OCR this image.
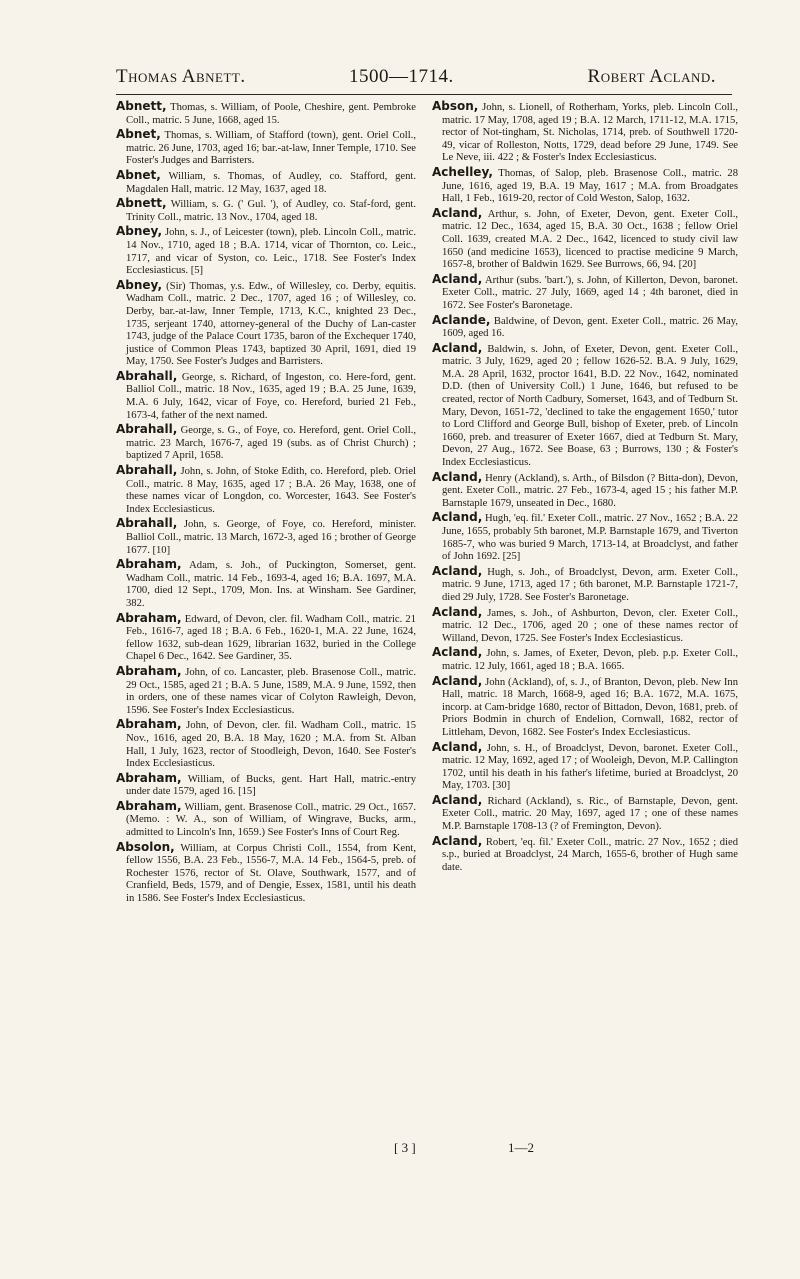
Thomas Abnett.	1500—1714.	Robert Acland.

Abnett, Thomas, s. William, of Poole, Cheshire, gent. Pembroke Coll., matric. 5 June, 1668, aged 15.

Abnet, Thomas, s. William, of Stafford (town), gent. Oriel Coll., matric. 26 June, 1703, aged 16; bar.-at-law, Inner Temple, 1710. See Foster's Judges and Barristers.

Abnet, William, s. Thomas, of Audley, co. Stafford, gent. Magdalen Hall, matric. 12 May, 1637, aged 18.

Abnett, William, s. G. (' Gul. '), of Audley, co. Staf-ford, gent. Trinity Coll., matric. 13 Nov., 1704, aged 18.

Abney, John, s. J., of Leicester (town), pleb. Lincoln Coll., matric. 14 Nov., 1710, aged 18 ; B.A. 1714, vicar of Thornton, co. Leic., 1717, and vicar of Syston, co. Leic., 1718. See Foster's Index Ecclesiasticus. [5]

Abney, (Sir) Thomas, y.s. Edw., of Willesley, co. Derby, equitis. Wadham Coll., matric. 2 Dec., 1707, aged 16 ; of Willesley, co. Derby, bar.-at-law, Inner Temple, 1713, K.C., knighted 23 Dec., 1735, serjeant 1740, attorney-general of the Duchy of Lan-caster 1743, judge of the Palace Court 1735, baron of the Exchequer 1740, justice of Common Pleas 1743, baptized 30 April, 1691, died 19 May, 1750. See Foster's Judges and Barristers.

Abrahall, George, s. Richard, of Ingeston, co. Here-ford, gent. Balliol Coll., matric. 18 Nov., 1635, aged 19 ; B.A. 25 June, 1639, M.A. 6 July, 1642, vicar of Foye, co. Hereford, buried 21 Feb., 1673-4, father of the next named.

Abrahall, George, s. G., of Foye, co. Hereford, gent. Oriel Coll., matric. 23 March, 1676-7, aged 19 (subs. as of Christ Church) ; baptized 7 April, 1658.

Abrahall, John, s. John, of Stoke Edith, co. Hereford, pleb. Oriel Coll., matric. 8 May, 1635, aged 17 ; B.A. 26 May, 1638, one of these names vicar of Longdon, co. Worcester, 1643. See Foster's Index Ecclesiasticus.

Abrahall, John, s. George, of Foye, co. Hereford, minister. Balliol Coll., matric. 13 March, 1672-3, aged 16 ; brother of George 1677. [10]

Abraham, Adam, s. Joh., of Puckington, Somerset, gent. Wadham Coll., matric. 14 Feb., 1693-4, aged 16; B.A. 1697, M.A. 1700, died 12 Sept., 1709, Mon. Ins. at Winsham. See Gardiner, 382.

Abraham, Edward, of Devon, cler. fil. Wadham Coll., matric. 21 Feb., 1616-7, aged 18 ; B.A. 6 Feb., 1620-1, M.A. 22 June, 1624, fellow 1632, sub-dean 1629, librarian 1632, buried in the College Chapel 6 Dec., 1642. See Gardiner, 35.

Abraham, John, of co. Lancaster, pleb. Brasenose Coll., matric. 29 Oct., 1585, aged 21 ; B.A. 5 June, 1589, M.A. 9 June, 1592, then in orders, one of these names vicar of Colyton Rawleigh, Devon, 1596. See Foster's Index Ecclesiasticus.

Abraham, John, of Devon, cler. fil. Wadham Coll., matric. 15 Nov., 1616, aged 20, B.A. 18 May, 1620 ; M.A. from St. Alban Hall, 1 July, 1623, rector of Stoodleigh, Devon, 1640. See Foster's Index Ecclesiasticus.

Abraham, William, of Bucks, gent. Hart Hall, matric.-entry under date 1579, aged 16. [15]

Abraham, William, gent. Brasenose Coll., matric. 29 Oct., 1657. (Memo. : W. A., son of William, of Wingrave, Bucks, arm., admitted to Lincoln's Inn, 1659.) See Foster's Inns of Court Reg.

Absolon, William, at Corpus Christi Coll., 1554, from Kent, fellow 1556, B.A. 23 Feb., 1556-7, M.A. 14 Feb., 1564-5, preb. of Rochester 1576, rector of St. Olave, Southwark, 1577, and of Cranfield, Beds, 1579, and of Dengie, Essex, 1581, until his death in 1586. See Foster's Index Ecclesiasticus.

Abson, John, s. Lionell, of Rotherham, Yorks, pleb. Lincoln Coll., matric. 17 May, 1708, aged 19 ; B.A. 12 March, 1711-12, M.A. 1715, rector of Not-tingham, St. Nicholas, 1714, preb. of Southwell 1720-49, vicar of Rolleston, Notts, 1729, dead before 29 June, 1749. See Le Neve, iii. 422 ; & Foster's Index Ecclesiasticus.

Achelley, Thomas, of Salop, pleb. Brasenose Coll., matric. 28 June, 1616, aged 19, B.A. 19 May, 1617 ; M.A. from Broadgates Hall, 1 Feb., 1619-20, rector of Cold Weston, Salop, 1632.

Acland, Arthur, s. John, of Exeter, Devon, gent. Exeter Coll., matric. 12 Dec., 1634, aged 15, B.A. 30 Oct., 1638 ; fellow Oriel Coll. 1639, created M.A. 2 Dec., 1642, licenced to study civil law 1650 (and medicine 1653), licenced to practise medicine 9 March, 1657-8, brother of Baldwin 1629. See Burrows, 66, 94. [20]

Acland, Arthur (subs. 'bart.'), s. John, of Killerton, Devon, baronet. Exeter Coll., matric. 27 July, 1669, aged 14 ; 4th baronet, died in 1672. See Foster's Baronetage.

Aclande, Baldwine, of Devon, gent. Exeter Coll., matric. 26 May, 1609, aged 16.

Acland, Baldwin, s. John, of Exeter, Devon, gent. Exeter Coll., matric. 3 July, 1629, aged 20 ; fellow 1626-52. B.A. 9 July, 1629, M.A. 28 April, 1632, proctor 1641, B.D. 22 Nov., 1642, nominated D.D. (then of University Coll.) 1 June, 1646, but refused to be created, rector of North Cadbury, Somerset, 1643, and of Tedburn St. Mary, Devon, 1651-72, 'declined to take the engagement 1650,' tutor to Lord Clifford and George Bull, bishop of Exeter, preb. of Lincoln 1660, preb. and treasurer of Exeter 1667, died at Tedburn St. Mary, Devon, 27 Aug., 1672. See Boase, 63 ; Burrows, 130 ; & Foster's Index Ecclesiasticus.

Acland, Henry (Ackland), s. Arth., of Bilsdon (? Bitta-don), Devon, gent. Exeter Coll., matric. 27 Feb., 1673-4, aged 15 ; his father M.P. Barnstaple 1679, unseated in Dec., 1680.

Acland, Hugh, 'eq. fil.' Exeter Coll., matric. 27 Nov., 1652 ; B.A. 22 June, 1655, probably 5th baronet, M.P. Barnstaple 1679, and Tiverton 1685-7, who was buried 9 March, 1713-14, at Broadclyst, and father of John 1692. [25]

Acland, Hugh, s. Joh., of Broadclyst, Devon, arm. Exeter Coll., matric. 9 June, 1713, aged 17 ; 6th baronet, M.P. Barnstaple 1721-7, died 29 July, 1728. See Foster's Baronetage.

Acland, James, s. Joh., of Ashburton, Devon, cler. Exeter Coll., matric. 12 Dec., 1706, aged 20 ; one of these names rector of Willand, Devon, 1725. See Foster's Index Ecclesiasticus.

Acland, John, s. James, of Exeter, Devon, pleb. p.p. Exeter Coll., matric. 12 July, 1661, aged 18 ; B.A. 1665.

Acland, John (Ackland), of, s. J., of Branton, Devon, pleb. New Inn Hall, matric. 18 March, 1668-9, aged 16; B.A. 1672, M.A. 1675, incorp. at Cam-bridge 1680, rector of Bittadon, Devon, 1681, preb. of Priors Bodmin in church of Endelion, Cornwall, 1682, rector of Littleham, Devon, 1682. See Foster's Index Ecclesiasticus.

Acland, John, s. H., of Broadclyst, Devon, baronet. Exeter Coll., matric. 12 May, 1692, aged 17 ; of Wooleigh, Devon, M.P. Callington 1702, until his death in his father's lifetime, buried at Broadclyst, 20 May, 1703. [30]

Acland, Richard (Ackland), s. Ric., of Barnstaple, Devon, gent. Exeter Coll., matric. 20 May, 1697, aged 17 ; one of these names M.P. Barnstaple 1708-13 (? of Fremington, Devon).

Acland, Robert, 'eq. fil.' Exeter Coll., matric. 27 Nov., 1652 ; died s.p., buried at Broadclyst, 24 March, 1655-6, brother of Hugh same date.

[ 3 ]	1—2
